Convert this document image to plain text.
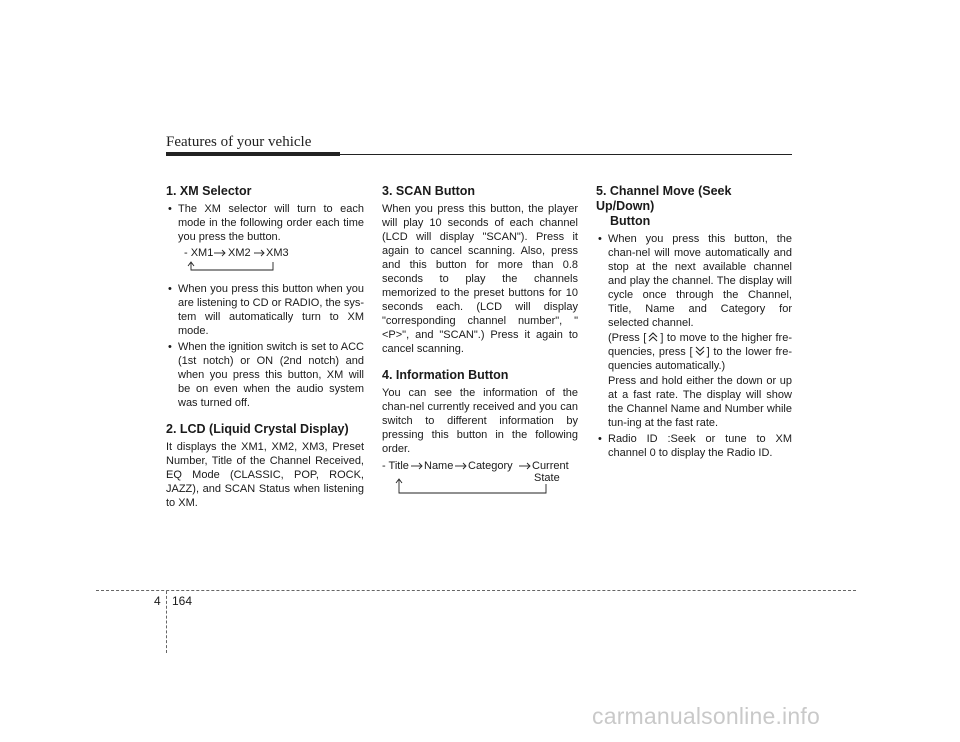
Features of your vehicle
1. XM Selector
• The XM selector will turn to each mode in the following order each time you press the button.
- XM1 XM2 XM3
• When you press this button when you are listening to CD or RADIO, the sys-tem will automatically turn to XM mode.
• When the ignition switch is set to ACC (1st notch) or ON (2nd notch) and when you press this button, XM will be on even when the audio system was turned off.
2. LCD (Liquid Crystal Display)

It displays the XM1, XM2, XM3, Preset Number, Title of the Channel Received, EQ Mode (CLASSIC, POP, ROCK, JAZZ), and SCAN Status when listening to XM.

3. SCAN Button

When you press this button, the player will play 10 seconds of each channel (LCD will display "SCAN"). Press it again to cancel scanning. Also, press and this button for more than 0.8 seconds to play the channels memorized to the preset buttons for 10 seconds each. (LCD will display "corresponding channel number", "<P>", and "SCAN".) Press it again to cancel scanning.

4. Information Button

You can see the information of the chan-nel currently received and you can switch to different information by pressing this button in the following order.

- Title Name Category Current
State
5. Channel Move (Seek Up/Down)
Button
• When you press this button, the chan-nel will move automatically and stop at the next available channel and play the channel. The display will cycle once through the Channel, Title, Name and Category for selected channel.
(Press [ ] to move to the higher fre-quencies, press [ ] to the lower fre-quencies automatically.)
Press and hold either the down or up at a fast rate. The display will show the Channel Name and Number while tun-ing at the fast rate.
• Radio ID :Seek or tune to XM channel 0 to display the Radio ID.
4 164
carmanualsonline.info
